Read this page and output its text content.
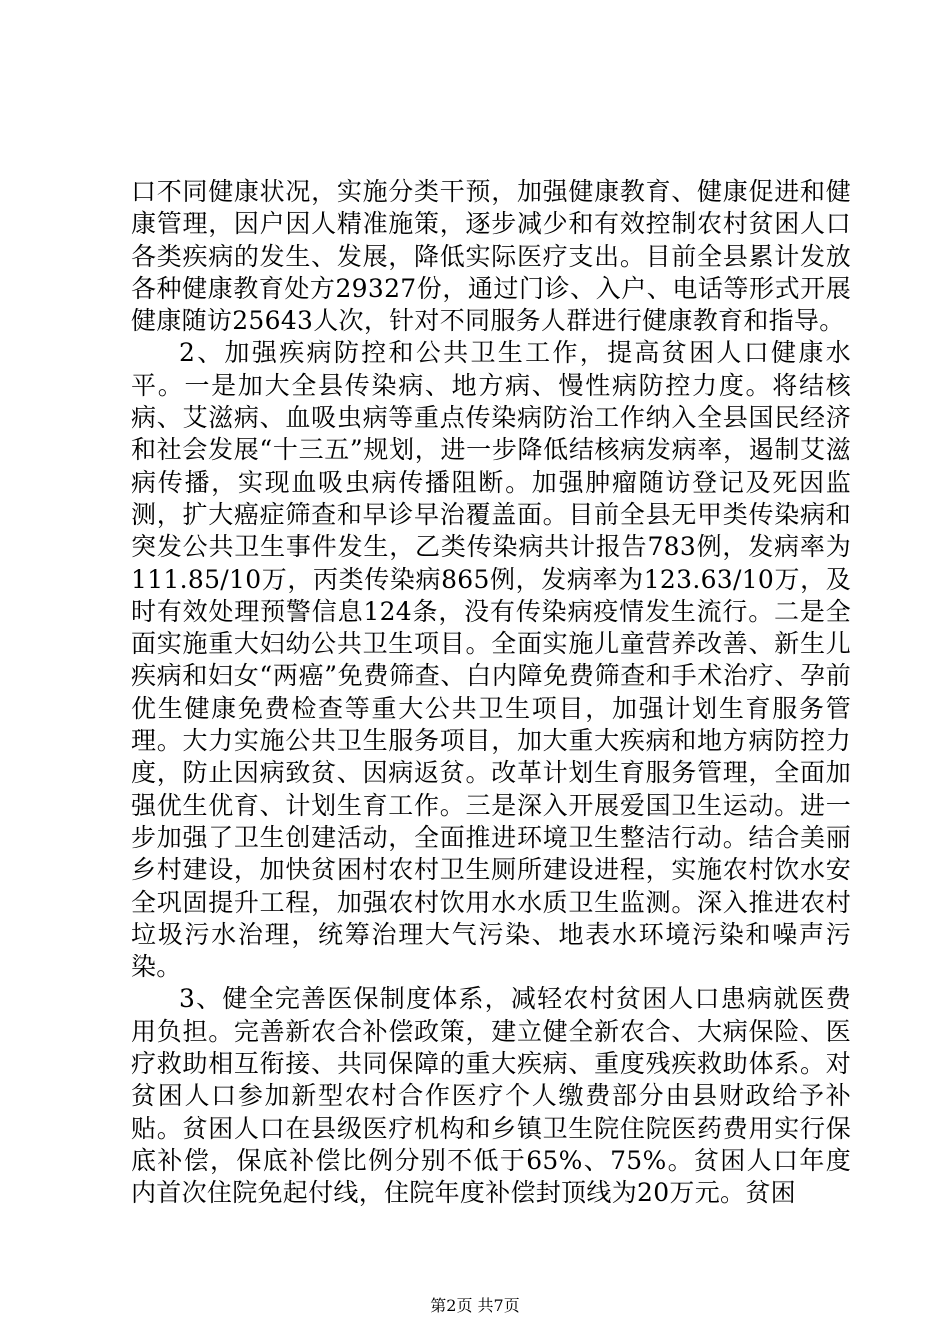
口不同健康状况，实施分类干预，加强健康教育、健康促进和健康管理，因户因人精准施策，逐步减少和有效控制农村贫困人口各类疾病的发生、发展，降低实际医疗支出。目前全县累计发放各种健康教育处方29327份，通过门诊、入户、电话等形式开展健康随访25643人次，针对不同服务人群进行健康教育和指导。

2、加强疾病防控和公共卫生工作，提高贫困人口健康水平。一是加大全县传染病、地方病、慢性病防控力度。将结核病、艾滋病、血吸虫病等重点传染病防治工作纳入全县国民经济和社会发展“十三五”规划，进一步降低结核病发病率，遏制艾滋病传播，实现血吸虫病传播阻断。加强肿瘤随访登记及死因监测，扩大癌症筛查和早诊早治覆盖面。目前全县无甲类传染病和突发公共卫生事件发生，乙类传染病共计报告783例，发病率为111.85/10万，丙类传染病865例，发病率为123.63/10万，及时有效处理预警信息124条，没有传染病疫情发生流行。二是全面实施重大妇幼公共卫生项目。全面实施儿童营养改善、新生儿疾病和妇女“两癌”免费筛查、白内障免费筛查和手术治疗、孕前优生健康免费检查等重大公共卫生项目，加强计划生育服务管理。大力实施公共卫生服务项目，加大重大疾病和地方病防控力度，防止因病致贫、因病返贫。改革计划生育服务管理，全面加强优生优育、计划生育工作。三是深入开展爱国卫生运动。进一步加强了卫生创建活动，全面推进环境卫生整洁行动。结合美丽乡村建设，加快贫困村农村卫生厕所建设进程，实施农村饮水安全巩固提升工程，加强农村饮用水水质卫生监测。深入推进农村垃圾污水治理，统筹治理大气污染、地表水环境污染和噪声污染。

3、健全完善医保制度体系，减轻农村贫困人口患病就医费用负担。完善新农合补偿政策，建立健全新农合、大病保险、医疗救助相互衔接、共同保障的重大疾病、重度残疾救助体系。对贫困人口参加新型农村合作医疗个人缴费部分由县财政给予补贴。贫困人口在县级医疗机构和乡镇卫生院住院医药费用实行保底补偿，保底补偿比例分别不低于65%、75%。贫困人口年度内首次住院免起付线，住院年度补偿封顶线为20万元。贫困

第2页 共7页
